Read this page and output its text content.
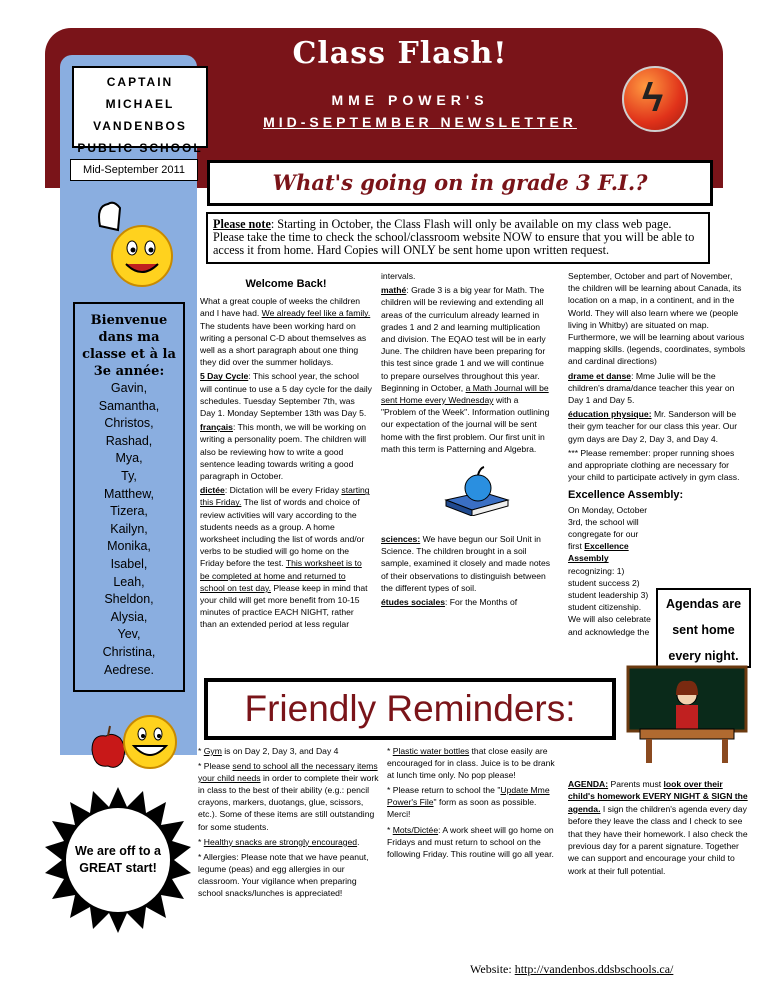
CAPTAIN MICHAEL
VANDENBOS
PUBLIC SCHOOL
Mid-September 2011
Class Flash!
MME POWER'S
MID-SEPTEMBER NEWSLETTER
ϟ
What's going on in grade 3 F.I.?
Please note: Starting in October, the Class Flash will only be available on my class web page. Please take the time to check the school/classroom website NOW to ensure that you will be able to access it from home. Hard Copies will ONLY be sent home upon written request.
Bienvenue dans ma classe et à la 3e année:
Gavin,
Samantha,
Christos,
Rashad,
Mya,
Ty,
Matthew,
Tizera,
Kailyn,
Monika,
Isabel,
Leah,
Sheldon,
Alysia,
Yev,
Christina,
Aedrese.
Welcome Back!

What a great couple of weeks the children and I have had. We already feel like a family. The students have been working hard on writing a personal C-D about themselves as well as a short paragraph about one thing they did over the summer holidays.

5 Day Cycle: This school year, the school will continue to use a 5 day cycle for the daily schedules. Tuesday September 7th, was Day 1. Monday September 13th was Day 5.

français: This month, we will be working on writing a personality poem. The children will also be reviewing how to write a good sentence leading towards writing a good paragraph in October.

dictée: Dictation will be every Friday starting this Friday. The list of words and choice of review activities will vary according to the students needs as a group. A home worksheet including the list of words and/or verbs to be studied will go home on the Friday before the test. This worksheet is to be completed at home and returned to school on test day. Please keep in mind that your child will get more benefit from 10-15 minutes of practice EACH NIGHT, rather than an extended period at less regular

intervals.

mathé: Grade 3 is a big year for Math. The children will be reviewing and extending all areas of the curriculum already learned in grades 1 and 2 and learning multiplication and division. The EQAO test will be in early June. The children have been preparing for this test since grade 1 and we will continue to prepare ourselves throughout this year. Beginning in October, a Math Journal will be sent Home every Wednesday with a "Problem of the Week". Information outlining our expectation of the journal will be sent home with the first problem. Our first unit in math this term is Patterning and Algebra.

sciences: We have begun our Soil Unit in Science. The children brought in a soil sample, examined it closely and made notes of their observations to distinguish between the different types of soil.

études sociales: For the Months of

September, October and part of November, the children will be learning about Canada, its location on a map, in a continent, and in the World. They will also learn where we (people living in Whitby) are situated on map. Furthermore, we will be learning about various mapping skills. (legends, coordinates, symbols and cardinal directions)

drame et danse: Mme Julie will be the children's drama/dance teacher this year on Day 1 and Day 5.

éducation physique: Mr. Sanderson will be their gym teacher for our class this year. Our gym days are Day 2, Day 3, and Day 4.

*** Please remember: proper running shoes and appropriate clothing are necessary for your child to participate actively in gym class.

Excellence Assembly:

On Monday, October 3rd, the school will congregate for our first Excellence Assembly recognizing: 1) student success 2) student leadership 3) student citizenship. We will also celebrate and acknowledge the

Agendas are
sent home
every night.
Friendly Reminders:

* Gym is on Day 2, Day 3, and Day 4

* Please send to school all the necessary items your child needs in order to complete their work in class to the best of their ability (e.g.: pencil crayons, markers, duotangs, glue, scissors, etc.). Some of these items are still outstanding for some students.

* Healthy snacks are strongly encouraged.

* Allergies: Please note that we have peanut, legume (peas) and egg allergies in our classroom. Your vigilance when preparing school snacks/lunches is appreciated!

* Plastic water bottles that close easily are encouraged for in class. Juice is to be drank at lunch time only. No pop please!

* Please return to school the "Update Mme Power's File" form as soon as possible. Merci!

* Mots/Dictée: A work sheet will go home on Fridays and must return to school on the following Friday. This routine will go all year.

AGENDA: Parents must look over their child's homework EVERY NIGHT & SIGN the agenda. I sign the children's agenda every day before they leave the class and I check to see that they have their homework. I also check the previous day for a parent signature. Together we can support and encourage your child to work at their full potential.
We are off to a GREAT start!
Website: http://vandenbos.ddsbschools.ca/
